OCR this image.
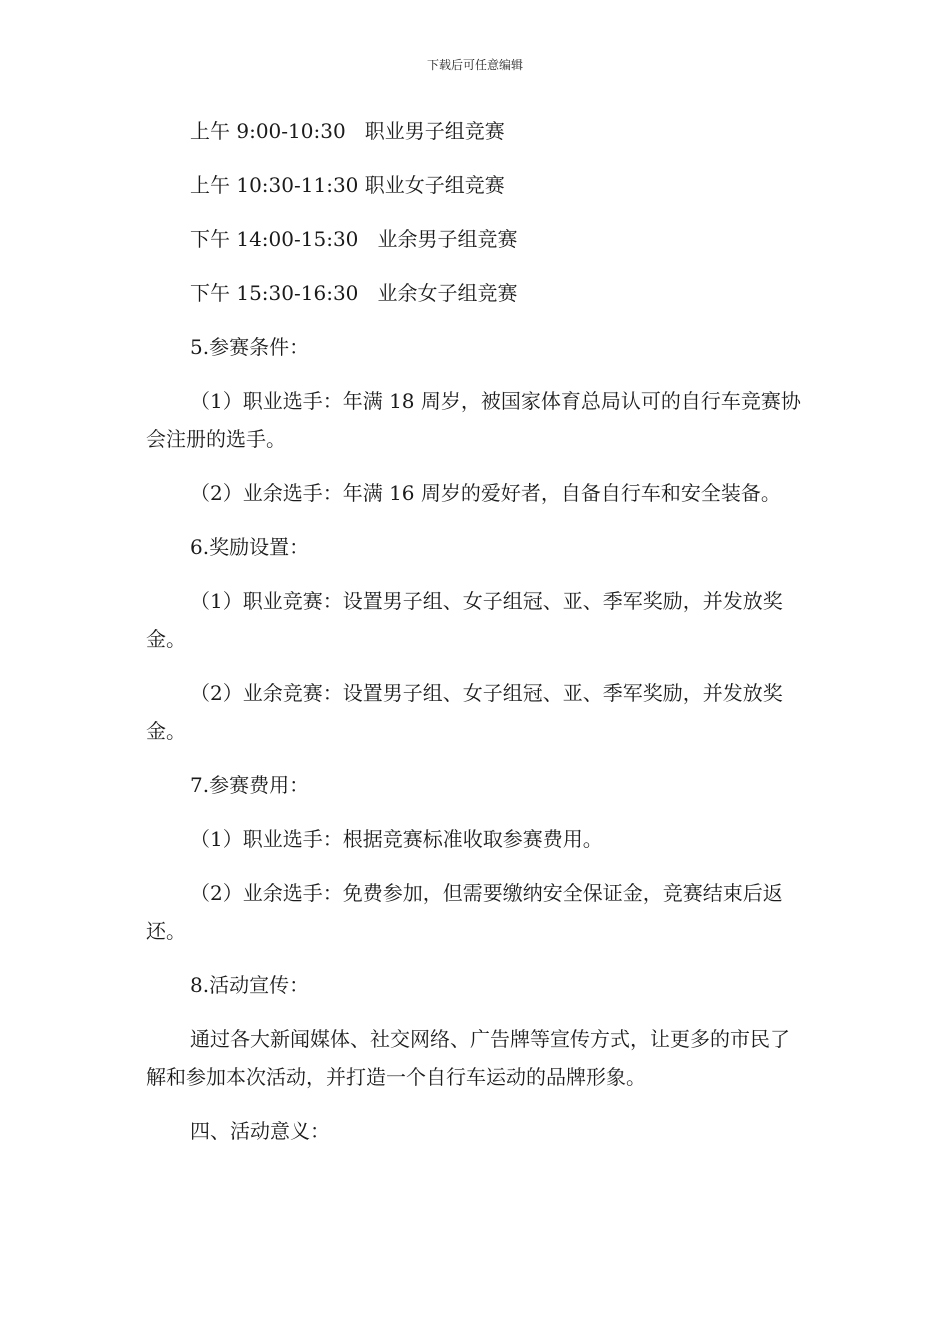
下载后可任意编辑

上午 9:00-10:30 职业男子组竞赛

上午 10:30-11:30 职业女子组竞赛

下午 14:00-15:30 业余男子组竞赛

下午 15:30-16:30 业余女子组竞赛

5.参赛条件：

（1）职业选手：年满 18 周岁，被国家体育总局认可的自行车竞赛协会注册的选手。

（2）业余选手：年满 16 周岁的爱好者，自备自行车和安全装备。

6.奖励设置：

（1）职业竞赛：设置男子组、女子组冠、亚、季军奖励，并发放奖金。

（2）业余竞赛：设置男子组、女子组冠、亚、季军奖励，并发放奖金。

7.参赛费用：

（1）职业选手：根据竞赛标准收取参赛费用。

（2）业余选手：免费参加，但需要缴纳安全保证金，竞赛结束后返还。

8.活动宣传：

通过各大新闻媒体、社交网络、广告牌等宣传方式，让更多的市民了解和参加本次活动，并打造一个自行车运动的品牌形象。

四、活动意义：
